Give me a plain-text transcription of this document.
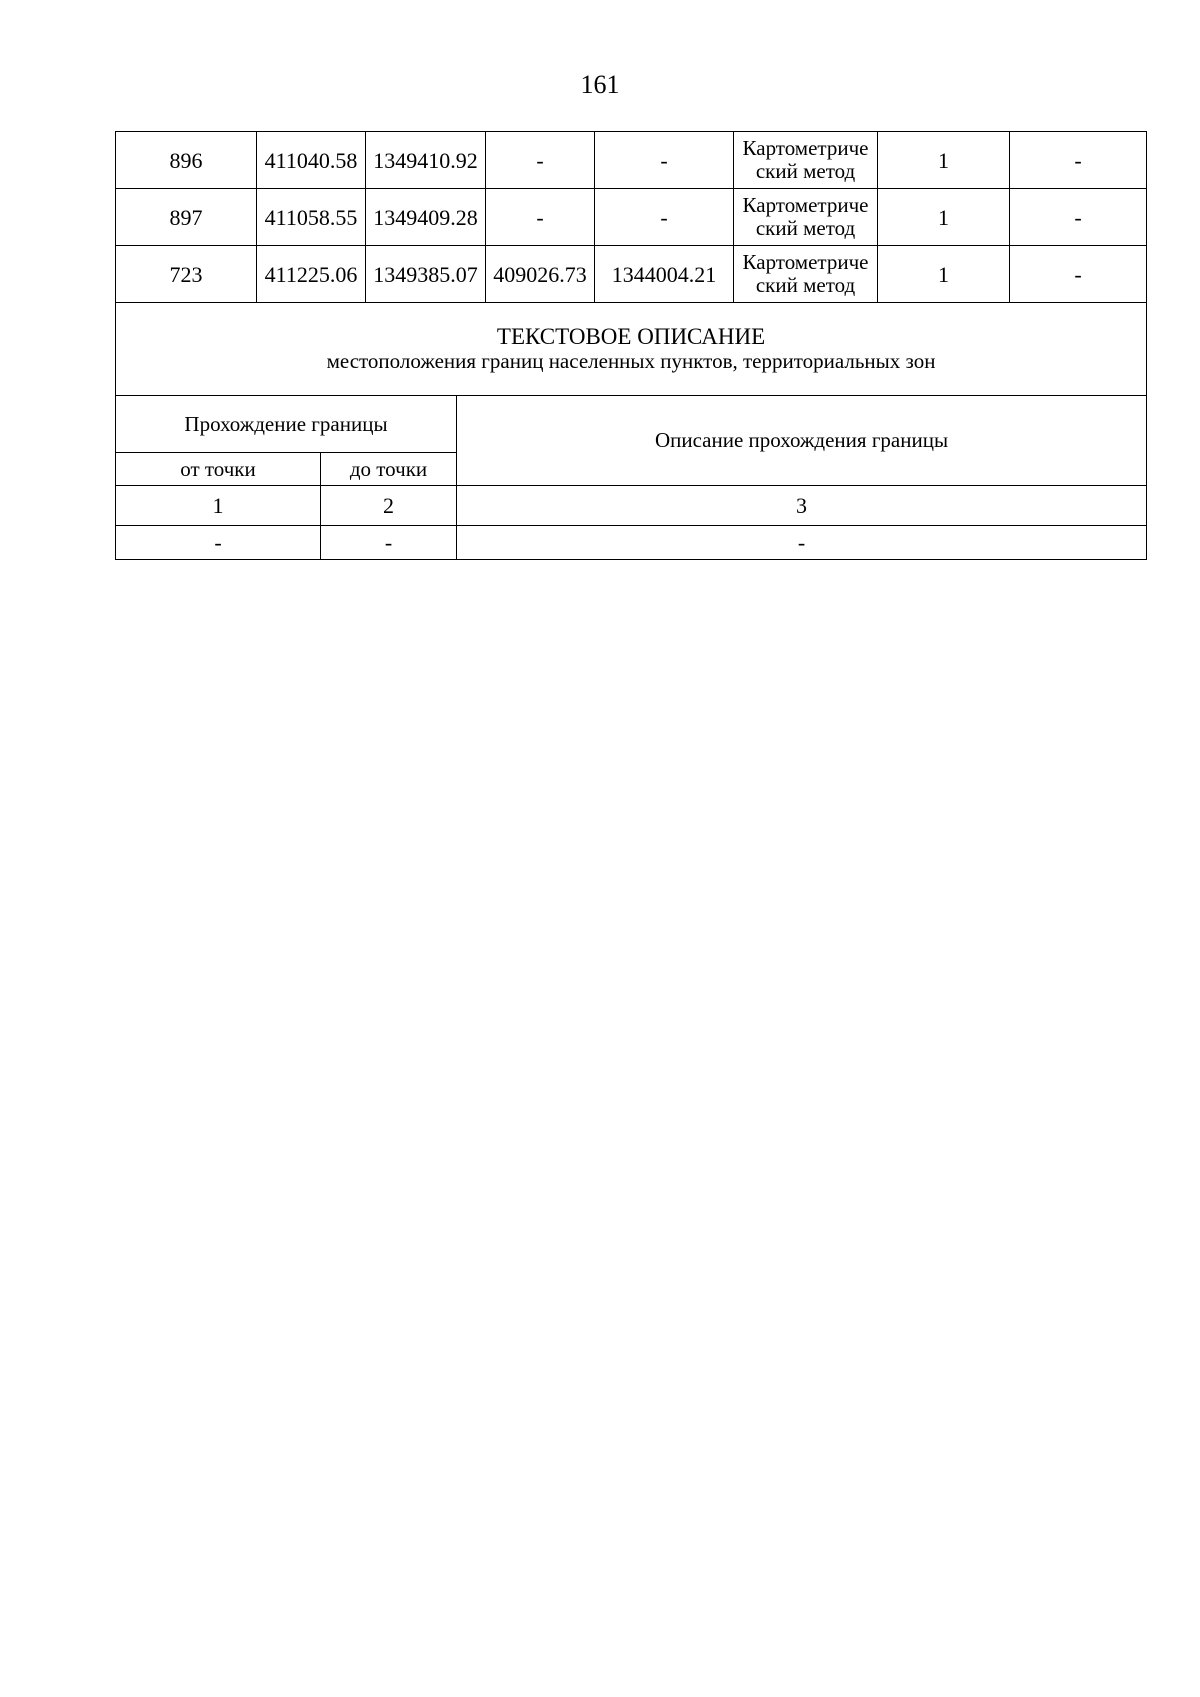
161
896	411040.58	1349410.92	-	-	Картометриче ский метод	1	-
897	411058.55	1349409.28	-	-	Картометриче ский метод	1	-
723	411225.06	1349385.07	409026.73	1344004.21	Картометриче ский метод	1	-
ТЕКСТОВОЕ ОПИСАНИЕ
местоположения границ населенных пунктов, территориальных зон		

Прохождение границы		Описание прохождения границы
от точки	до точки	
1	2	3
-	-	-
